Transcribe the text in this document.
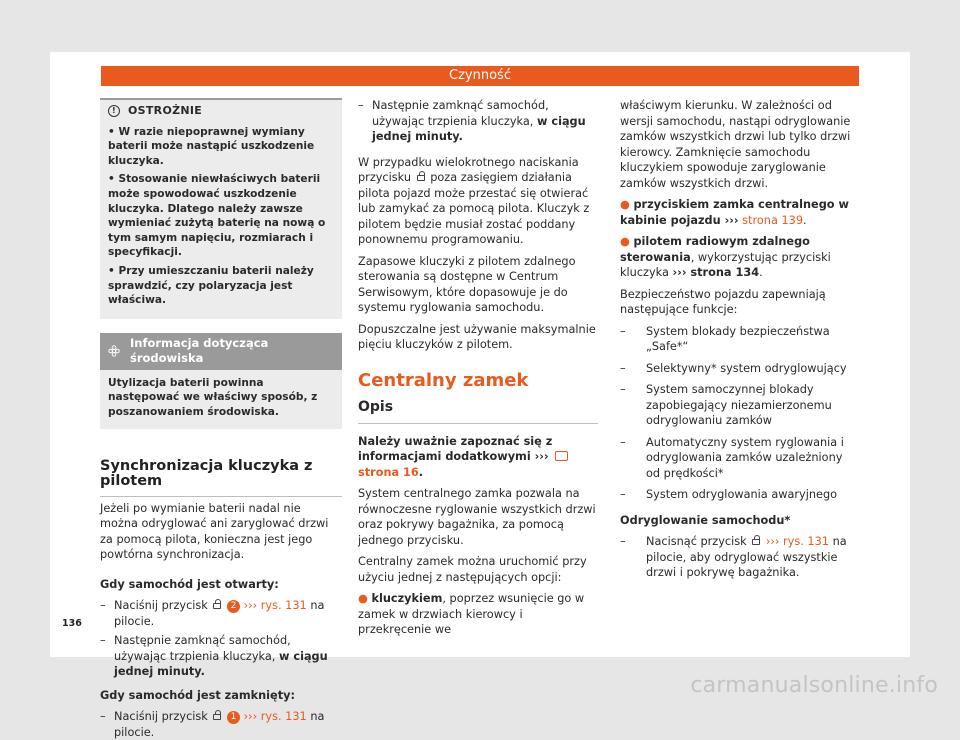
Czynność
!	OSTROŻNIE

• W razie niepoprawnej wymiany baterii może nastąpić uszkodzenie kluczyka.

• Stosowanie niewłaściwych baterii może spowodować uszkodzenie kluczyka. Dlatego należy zawsze wymieniać zużytą baterię na nową o tym samym napięciu, rozmiarach i specyfikacji.

• Przy umieszczaniu baterii należy sprawdzić, czy polaryzacja jest właściwa.

Informacja dotycząca środowiska
Utylizacja baterii powinna następować we właściwy sposób, z poszanowaniem środowiska.
Synchronizacja kluczyka z pilotem

Jeżeli po wymianie baterii nadal nie można odryglować ani zaryglować drzwi za pomocą pilota, konieczna jest jego powtórna synchronizacja.

Gdy samochód jest otwarty:

– Naciśnij przycisk	2 ››› rys. 131 na pilocie.
– Następnie zamknąć samochód, używając trzpienia kluczyka, w ciągu jednej minuty.

Gdy samochód jest zamknięty:

– Naciśnij przycisk	1 ››› rys. 131 na pilocie.
– Następnie zamknąć samochód, używając trzpienia kluczyka, w ciągu jednej minuty.

W przypadku wielokrotnego naciskania przycisku poza zasięgiem działania pilota pojazd może przestać się otwierać lub zamykać za pomocą pilota. Kluczyk z pilotem będzie musiał zostać poddany ponownemu programowaniu.

Zapasowe kluczyki z pilotem zdalnego sterowania są dostępne w Centrum Serwisowym, które dopasowuje je do systemu ryglowania samochodu.

Dopuszczalne jest używanie maksymalnie pięciu kluczyków z pilotem.

Centralny zamek
Opis

Należy uważnie zapoznać się z informacjami dodatkowymi ›››  strona 16.

System centralnego zamka pozwala na równoczesne ryglowanie wszystkich drzwi oraz pokrywy bagażnika, za pomocą jednego przycisku.

Centralny zamek można uruchomić przy użyciu jednej z następujących opcji:

● kluczykiem, poprzez wsunięcie go w zamek w drzwiach kierowcy i przekręcenie we

właściwym kierunku. W zależności od wersji samochodu, nastąpi odryglowanie zamków wszystkich drzwi lub tylko drzwi kierowcy. Zamknięcie samochodu kluczykiem spowoduje zaryglowanie zamków wszystkich drzwi.

● przyciskiem zamka centralnego w kabinie pojazdu ››› strona 139.

● pilotem radiowym zdalnego sterowania, wykorzystując przyciski kluczyka ››› strona 134.

Bezpieczeństwo pojazdu zapewniają następujące funkcje:

–	System blokady bezpieczeństwa „Safe*“
–	Selektywny* system odryglowujący
–	System samoczynnej blokady zapobiegający niezamierzonemu odryglowaniu zamków
–	Automatyczny system ryglowania i odryglowania zamków uzależniony od prędkości*
–	System odryglowania awaryjnego

Odryglowanie samochodu*

–	Nacisnąć przycisk ››› rys. 131 na pilocie, aby odryglować wszystkie drzwi i pokrywę bagażnika.
136
carmanualsonline.info
